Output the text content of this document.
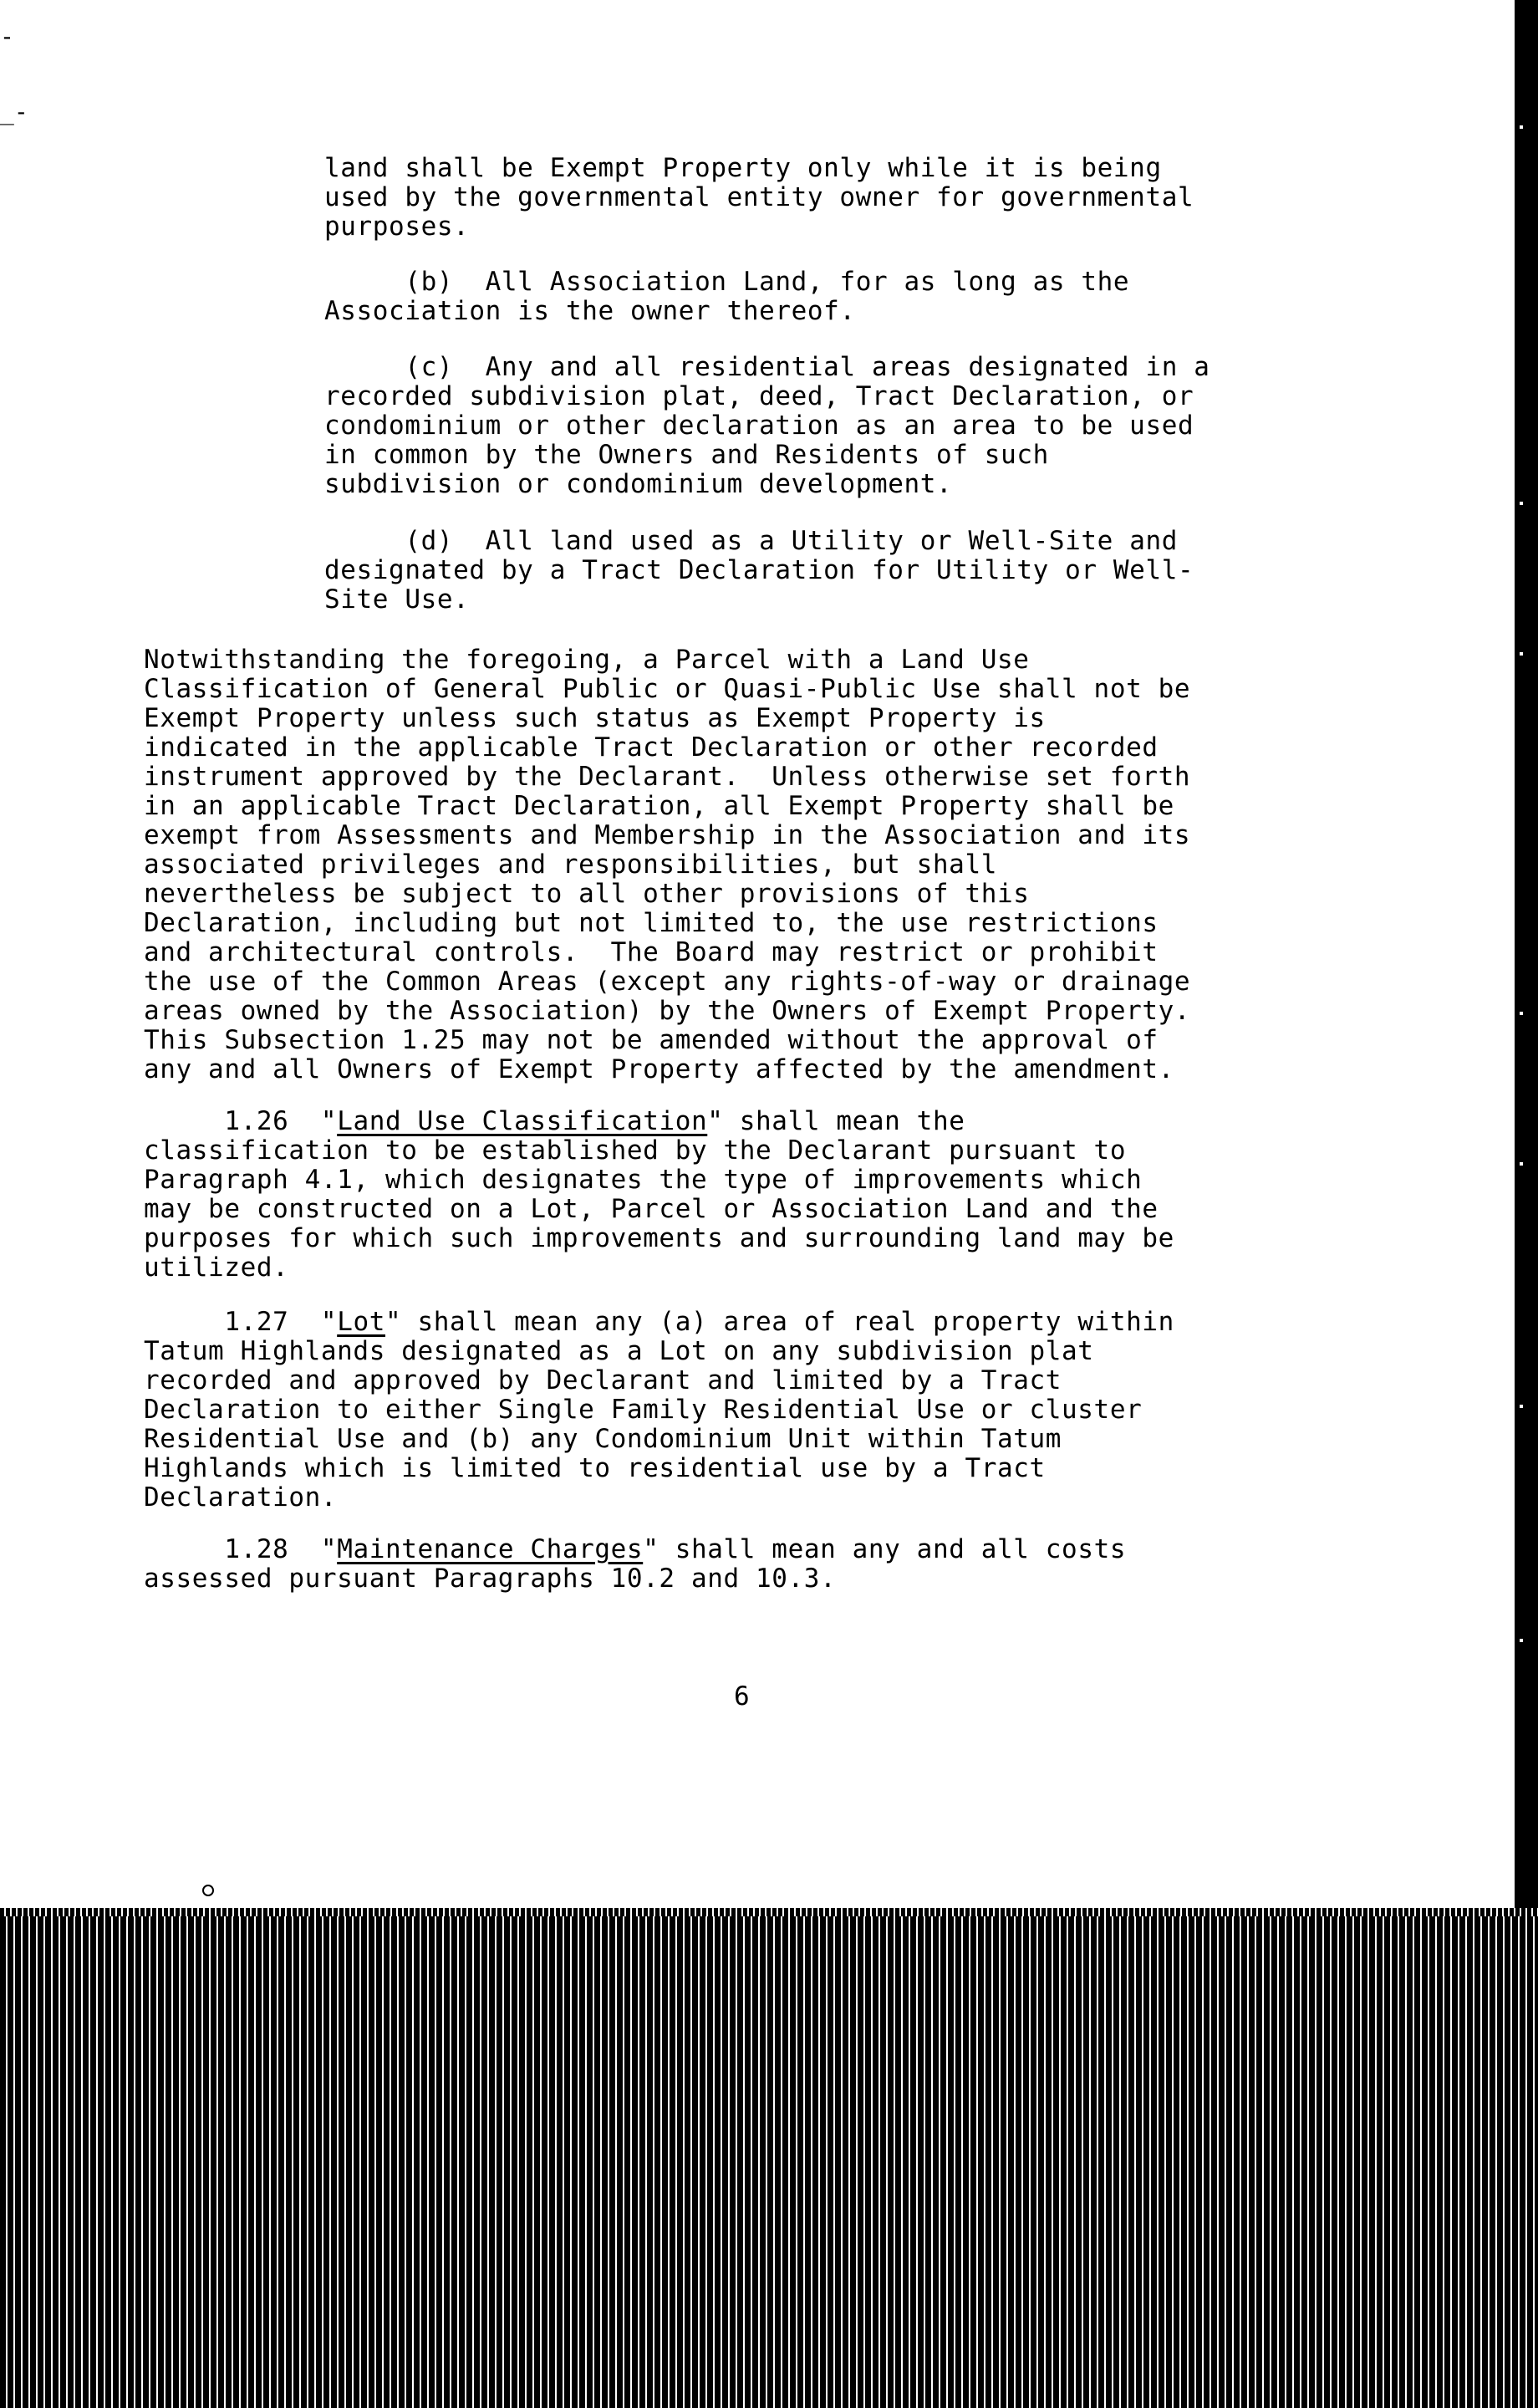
-
_-

land shall be Exempt Property only while it is being
used by the governmental entity owner for governmental
purposes.

(b)  All Association Land, for as long as the
Association is the owner thereof.

(c)  Any and all residential areas designated in a
recorded subdivision plat, deed, Tract Declaration, or
condominium or other declaration as an area to be used
in common by the Owners and Residents of such
subdivision or condominium development.

(d)  All land used as a Utility or Well-Site and
designated by a Tract Declaration for Utility or Well-
Site Use.

Notwithstanding the foregoing, a Parcel with a Land Use
Classification of General Public or Quasi-Public Use shall not be
Exempt Property unless such status as Exempt Property is
indicated in the applicable Tract Declaration or other recorded
instrument approved by the Declarant.  Unless otherwise set forth
in an applicable Tract Declaration, all Exempt Property shall be
exempt from Assessments and Membership in the Association and its
associated privileges and responsibilities, but shall
nevertheless be subject to all other provisions of this
Declaration, including but not limited to, the use restrictions
and architectural controls.  The Board may restrict or prohibit
the use of the Common Areas (except any rights-of-way or drainage
areas owned by the Association) by the Owners of Exempt Property.
This Subsection 1.25 may not be amended without the approval of
any and all Owners of Exempt Property affected by the amendment.

1.26  "Land Use Classification" shall mean the
classification to be established by the Declarant pursuant to
Paragraph 4.1, which designates the type of improvements which
may be constructed on a Lot, Parcel or Association Land and the
purposes for which such improvements and surrounding land may be
utilized.

1.27  "Lot" shall mean any (a) area of real property within
Tatum Highlands designated as a Lot on any subdivision plat
recorded and approved by Declarant and limited by a Tract
Declaration to either Single Family Residential Use or cluster
Residential Use and (b) any Condominium Unit within Tatum
Highlands which is limited to residential use by a Tract
Declaration.

1.28  "Maintenance Charges" shall mean any and all costs
assessed pursuant Paragraphs 10.2 and 10.3.

6
